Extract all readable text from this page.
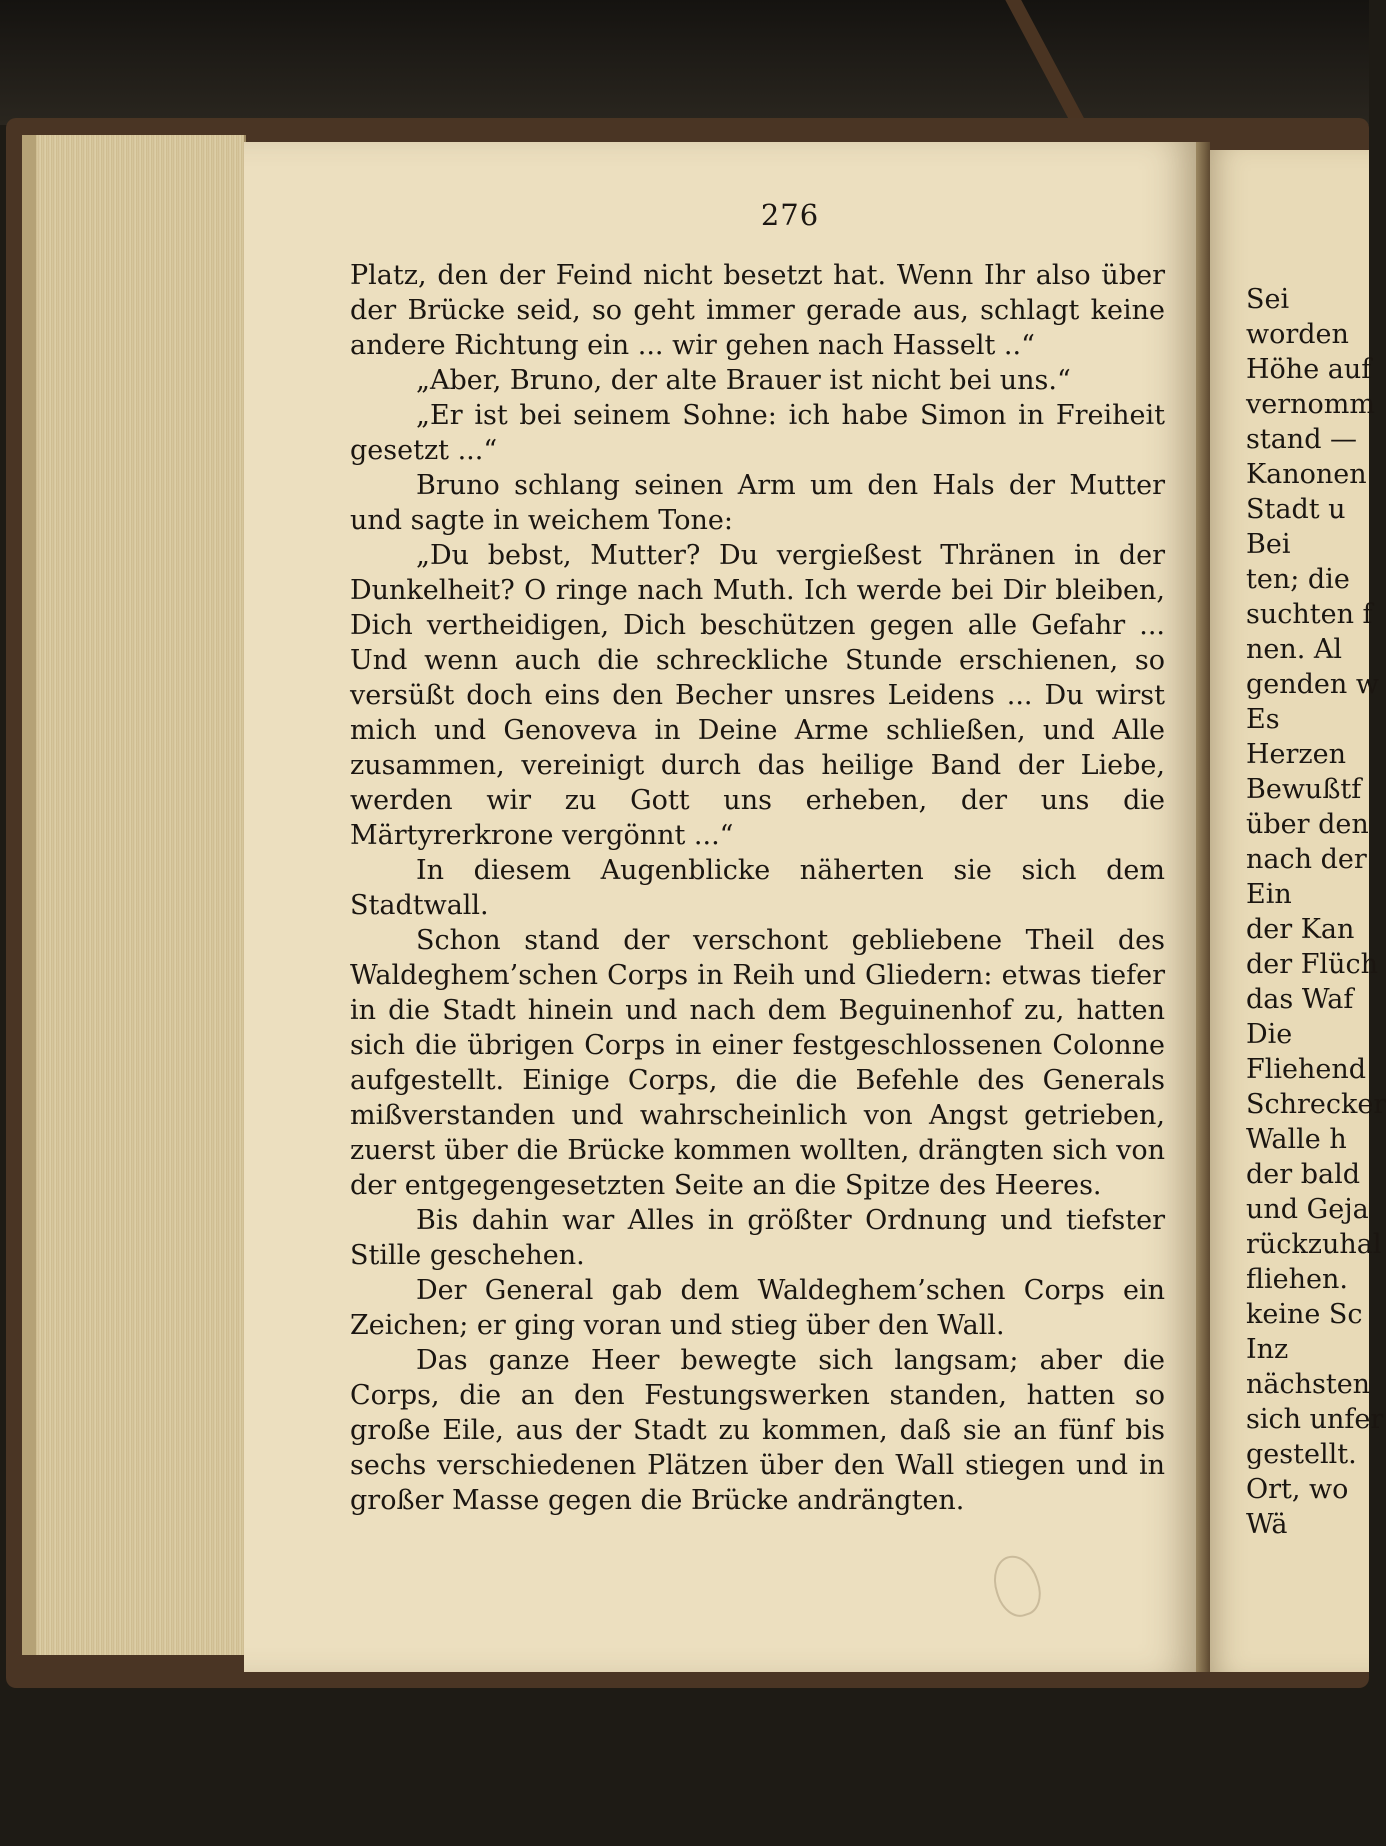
276

Platz, den der Feind nicht besetzt hat. Wenn Ihr also über der Brücke seid, so geht immer gerade aus, schlagt keine andere Richtung ein ... wir gehen nach Hasselt ..“

„Aber, Bruno, der alte Brauer ist nicht bei uns.“

„Er ist bei seinem Sohne: ich habe Simon in Freiheit gesetzt ...“

Bruno schlang seinen Arm um den Hals der Mutter und sagte in weichem Tone:

„Du bebst, Mutter? Du vergießest Thränen in der Dunkelheit? O ringe nach Muth. Ich werde bei Dir bleiben, Dich vertheidigen, Dich beschützen gegen alle Gefahr ... Und wenn auch die schreckliche Stunde erschienen, so versüßt doch eins den Becher unsres Leidens ... Du wirst mich und Genoveva in Deine Arme schließen, und Alle zusammen, vereinigt durch das heilige Band der Liebe, werden wir zu Gott uns erheben, der uns die Märtyrerkrone vergönnt ...“

In diesem Augenblicke näherten sie sich dem Stadtwall.

Schon stand der verschont gebliebene Theil des Waldeghem’schen Corps in Reih und Gliedern: etwas tiefer in die Stadt hinein und nach dem Beguinenhof zu, hatten sich die übrigen Corps in einer festgeschlossenen Colonne aufgestellt. Einige Corps, die die Befehle des Generals mißverstanden und wahrscheinlich von Angst getrieben, zuerst über die Brücke kommen wollten, drängten sich von der entgegengesetzten Seite an die Spitze des Heeres.

Bis dahin war Alles in größter Ordnung und tiefster Stille geschehen.

Der General gab dem Waldeghem’schen Corps ein Zeichen; er ging voran und stieg über den Wall.

Das ganze Heer bewegte sich langsam; aber die Corps, die an den Festungswerken standen, hatten so große Eile, aus der Stadt zu kommen, daß sie an fünf bis sechs verschiedenen Plätzen über den Wall stiegen und in großer Masse gegen die Brücke andrängten.

Sei
worden
Höhe auf
vernomm
stand —
Kanonen
Stadt u
Bei
ten; die
suchten f
nen. Al
genden w
Es
Herzen
Bewußtf
über den
nach der
Ein
der Kan
der Flüch
das Waf
Die
Fliehend
Schrecker
Walle h
der bald
und Geja
rückzuhal
fliehen.
keine Sc
Inz
nächsten
sich unfer
gestellt.
Ort, wo
Wä
